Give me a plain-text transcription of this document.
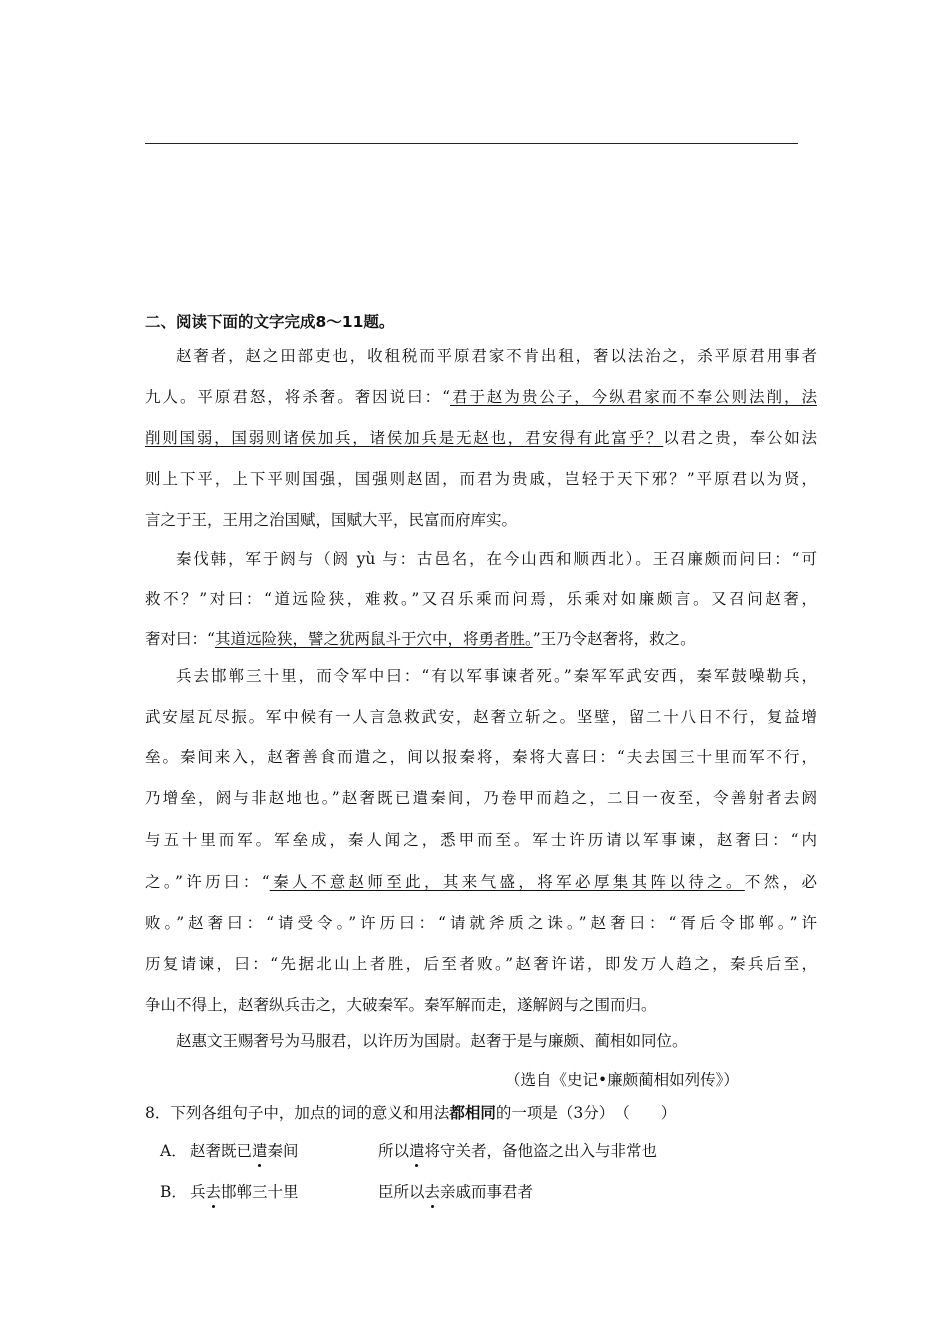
二、阅读下面的文字完成8～11题。
赵奢者，赵之田部吏也，收租税而平原君家不肯出租，奢以法治之，杀平原君用事者
九人。平原君怒，将杀奢。奢因说曰：“君于赵为贵公子，今纵君家而不奉公则法削，法
削则国弱，国弱则诸侯加兵，诸侯加兵是无赵也，君安得有此富乎？以君之贵，奉公如法
则上下平，上下平则国强，国强则赵固，而君为贵戚，岂轻于天下邪？”平原君以为贤，
言之于王，王用之治国赋，国赋大平，民富而府库实。
秦伐韩，军于阏与（阏 yù 与：古邑名，在今山西和顺西北）。王召廉颇而问曰：“可
救不？”对曰：“道远险狭，难救。”又召乐乘而问焉，乐乘对如廉颇言。又召问赵奢，
奢对曰：“其道远险狭，譬之犹两鼠斗于穴中，将勇者胜。”王乃令赵奢将，救之。
兵去邯郸三十里，而令军中曰：“有以军事谏者死。”秦军军武安西，秦军鼓噪勒兵，
武安屋瓦尽振。军中候有一人言急救武安，赵奢立斩之。坚壁，留二十八日不行，复益增
垒。秦间来入，赵奢善食而遣之，间以报秦将，秦将大喜曰：“夫去国三十里而军不行，
乃增垒，阏与非赵地也。”赵奢既已遣秦间，乃卷甲而趋之，二日一夜至，令善射者去阏
与五十里而军。军垒成，秦人闻之，悉甲而至。军士许历请以军事谏，赵奢曰：“内
之。”许历曰：“秦人不意赵师至此，其来气盛，将军必厚集其阵以待之。不然，必
败。”赵奢曰：“请受令。”许历曰：“请就斧质之诛。”赵奢曰：“胥后令邯郸。”许
历复请谏，曰：“先据北山上者胜，后至者败。”赵奢许诺，即发万人趋之，秦兵后至，
争山不得上，赵奢纵兵击之，大破秦军。秦军解而走，遂解阏与之围而归。
赵惠文王赐奢号为马服君，以许历为国尉。赵奢于是与廉颇、蔺相如同位。
（选自《史记•廉颇蔺相如列传》）
8．下列各组句子中，加点的词的意义和用法都相同的一项是（3分）　（　　）
A． 赵奢既已遣秦间	所以遣将守关者，备他盗之出入与非常也
B． 兵去邯郸三十里	臣所以去亲戚而事君者
